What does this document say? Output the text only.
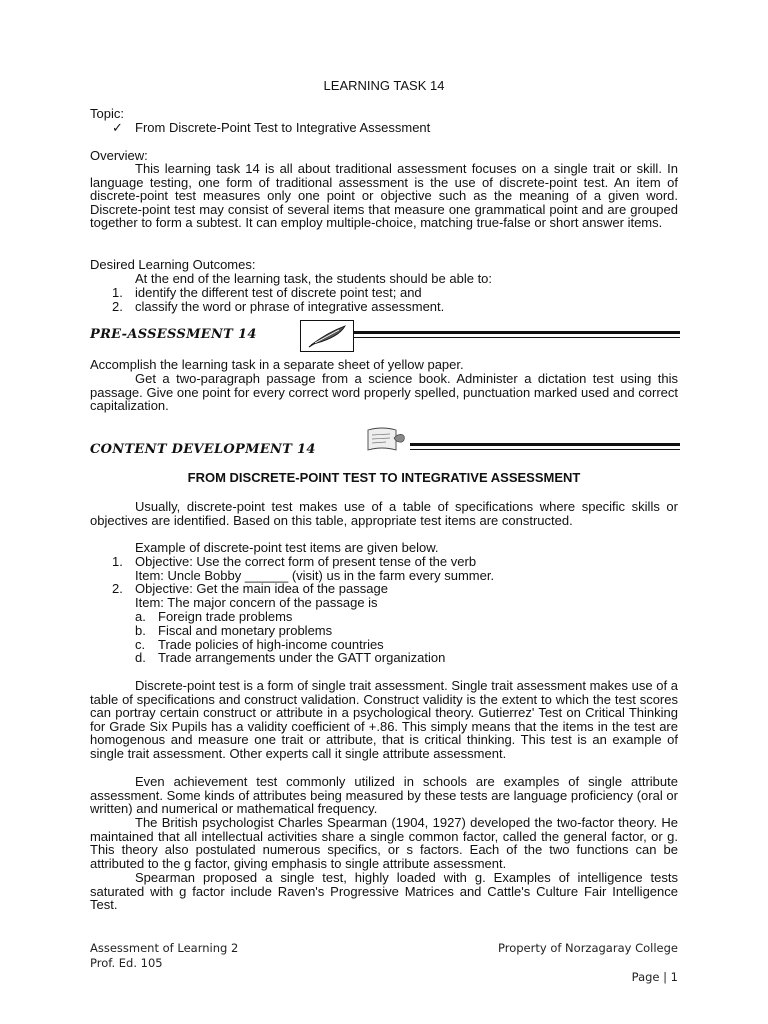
LEARNING TASK 14
Topic:
✓ From Discrete-Point Test to Integrative Assessment
Overview:
This learning task 14 is all about traditional assessment focuses on a single trait or skill. In language testing, one form of traditional assessment is the use of discrete-point test. An item of discrete-point test measures only one point or objective such as the meaning of a given word. Discrete-point test may consist of several items that measure one grammatical point and are grouped together to form a subtest. It can employ multiple-choice, matching true-false or short answer items.
Desired Learning Outcomes:
At the end of the learning task, the students should be able to:
1. identify the different test of discrete point test; and
2. classify the word or phrase of integrative assessment.
PRE-ASSESSMENT 14
Accomplish the learning task in a separate sheet of yellow paper.
Get a two-paragraph passage from a science book. Administer a dictation test using this passage. Give one point for every correct word properly spelled, punctuation marked used and correct capitalization.
CONTENT DEVELOPMENT 14
FROM DISCRETE-POINT TEST TO INTEGRATIVE ASSESSMENT
Usually, discrete-point test makes use of a table of specifications where specific skills or objectives are identified. Based on this table, appropriate test items are constructed.
Example of discrete-point test items are given below.
1. Objective: Use the correct form of present tense of the verb
Item: Uncle Bobby ______ (visit) us in the farm every summer.
2. Objective: Get the main idea of the passage
Item: The major concern of the passage is
a. Foreign trade problems
b. Fiscal and monetary problems
c. Trade policies of high-income countries
d. Trade arrangements under the GATT organization
Discrete-point test is a form of single trait assessment. Single trait assessment makes use of a table of specifications and construct validation. Construct validity is the extent to which the test scores can portray certain construct or attribute in a psychological theory. Gutierrez' Test on Critical Thinking for Grade Six Pupils has a validity coefficient of +.86. This simply means that the items in the test are homogenous and measure one trait or attribute, that is critical thinking. This test is an example of single trait assessment. Other experts call it single attribute assessment.
Even achievement test commonly utilized in schools are examples of single attribute assessment. Some kinds of attributes being measured by these tests are language proficiency (oral or written) and numerical or mathematical frequency.
The British psychologist Charles Spearman (1904, 1927) developed the two-factor theory. He maintained that all intellectual activities share a single common factor, called the general factor, or g. This theory also postulated numerous specifics, or s factors. Each of the two functions can be attributed to the g factor, giving emphasis to single attribute assessment.
Spearman proposed a single test, highly loaded with g. Examples of intelligence tests saturated with g factor include Raven's Progressive Matrices and Cattle's Culture Fair Intelligence Test.
Assessment of Learning 2
Prof. Ed. 105
Property of Norzagaray College
Page | 1
